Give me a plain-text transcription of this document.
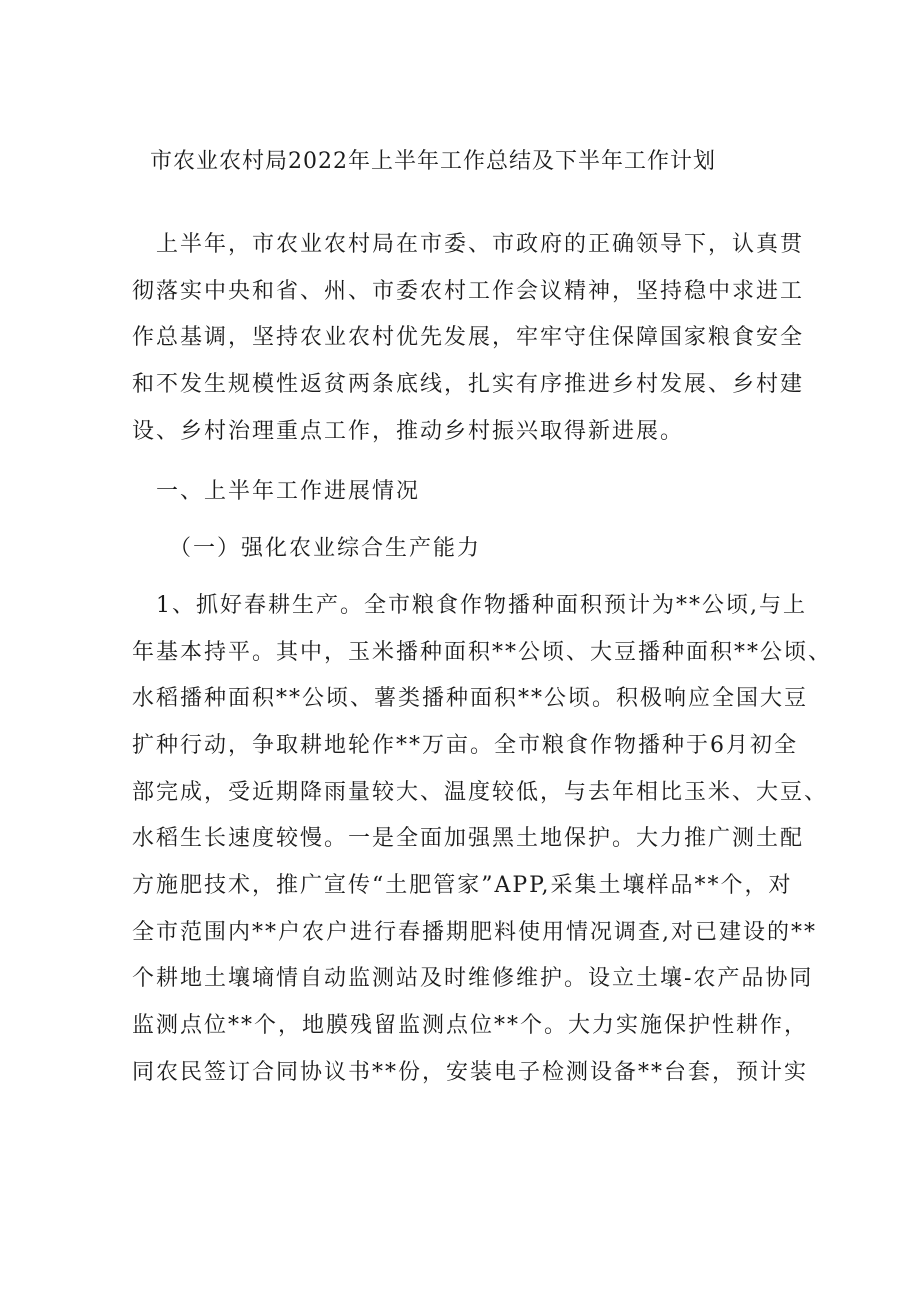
市农业农村局2022年上半年工作总结及下半年工作计划
　上半年，市农业农村局在市委、市政府的正确领导下，认真贯
彻落实中央和省、州、市委农村工作会议精神，坚持稳中求进工
作总基调，坚持农业农村优先发展，牢牢守住保障国家粮食安全
和不发生规模性返贫两条底线，扎实有序推进乡村发展、乡村建
设、乡村治理重点工作，推动乡村振兴取得新进展。
　一、上半年工作进展情况
　　（一）强化农业综合生产能力
　1、抓好春耕生产。全市粮食作物播种面积预计为**公顷,与上
年基本持平。其中，玉米播种面积**公顷、大豆播种面积**公顷、
水稻播种面积**公顷、薯类播种面积**公顷。积极响应全国大豆
扩种行动，争取耕地轮作**万亩。全市粮食作物播种于6月初全
部完成，受近期降雨量较大、温度较低，与去年相比玉米、大豆、
水稻生长速度较慢。一是全面加强黑土地保护。大力推广测土配
方施肥技术，推广宣传“土肥管家”APP,采集土壤样品**个，对
全市范围内**户农户进行春播期肥料使用情况调查,对已建设的**
个耕地土壤墒情自动监测站及时维修维护。设立土壤-农产品协同
监测点位**个，地膜残留监测点位**个。大力实施保护性耕作，
同农民签订合同协议书**份，安装电子检测设备**台套，预计实
